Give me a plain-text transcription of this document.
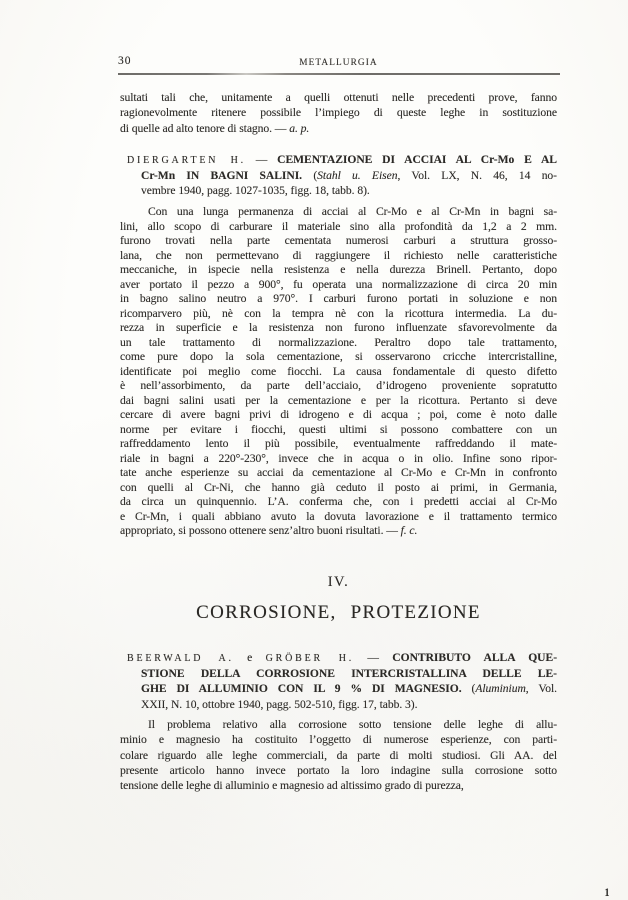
30	METALLURGIA
sultati tali che, unitamente a quelli ottenuti nelle precedenti prove, fanno
ragionevolmente ritenere possibile l’impiego di queste leghe in sostituzione
di quelle ad alto tenore di stagno. — a. p.
DIERGARTEN H. — CEMENTAZIONE DI ACCIAI AL Cr-Mo E AL
Cr-Mn IN BAGNI SALINI. (Stahl u. Eisen, Vol. LX, N. 46, 14 no-
vembre 1940, pagg. 1027-1035, figg. 18, tabb. 8).
Con una lunga permanenza di acciai al Cr-Mo e al Cr-Mn in bagni sa-
lini, allo scopo di carburare il materiale sino alla profondità da 1,2 a 2 mm.
furono trovati nella parte cementata numerosi carburi a struttura grosso-
lana, che non permettevano di raggiungere il richiesto nelle caratteristiche
meccaniche, in ispecie nella resistenza e nella durezza Brinell. Pertanto, dopo
aver portato il pezzo a 900°, fu operata una normalizzazione di circa 20 min
in bagno salino neutro a 970°. I carburi furono portati in soluzione e non
ricomparvero più, nè con la tempra nè con la ricottura intermedia. La du-
rezza in superficie e la resistenza non furono influenzate sfavorevolmente da
un tale trattamento di normalizzazione. Peraltro dopo tale trattamento,
come pure dopo la sola cementazione, si osservarono cricche intercristalline,
identificate poi meglio come fiocchi. La causa fondamentale di questo difetto
è nell’assorbimento, da parte dell’acciaio, d’idrogeno proveniente sopratutto
dai bagni salini usati per la cementazione e per la ricottura. Pertanto si deve
cercare di avere bagni privi di idrogeno e di acqua ; poi, come è noto dalle
norme per evitare i fiocchi, questi ultimi si possono combattere con un
raffreddamento lento il più possibile, eventualmente raffreddando il mate-
riale in bagni a 220°-230°, invece che in acqua o in olio. Infine sono ripor-
tate anche esperienze su acciai da cementazione al Cr-Mo e Cr-Mn in confronto
con quelli al Cr-Ni, che hanno già ceduto il posto ai primi, in Germania,
da circa un quinquennio. L’A. conferma che, con i predetti acciai al Cr-Mo
e Cr-Mn, i quali abbiano avuto la dovuta lavorazione e il trattamento termico
appropriato, si possono ottenere senz’altro buoni risultati. — f. c.
IV.
CORROSIONE, PROTEZIONE
BEERWALD A. e GRÖBER H. — CONTRIBUTO ALLA QUE-
STIONE DELLA CORROSIONE INTERCRISTALLINA DELLE LE-
GHE DI ALLUMINIO CON IL 9 % DI MAGNESIO. (Aluminium, Vol.
XXII, N. 10, ottobre 1940, pagg. 502-510, figg. 17, tabb. 3).
Il problema relativo alla corrosione sotto tensione delle leghe di allu-
minio e magnesio ha costituito l’oggetto di numerose esperienze, con parti-
colare riguardo alle leghe commerciali, da parte di molti studiosi. Gli AA. del
presente articolo hanno invece portato la loro indagine sulla corrosione sotto
tensione delle leghe di alluminio e magnesio ad altissimo grado di purezza,
1
